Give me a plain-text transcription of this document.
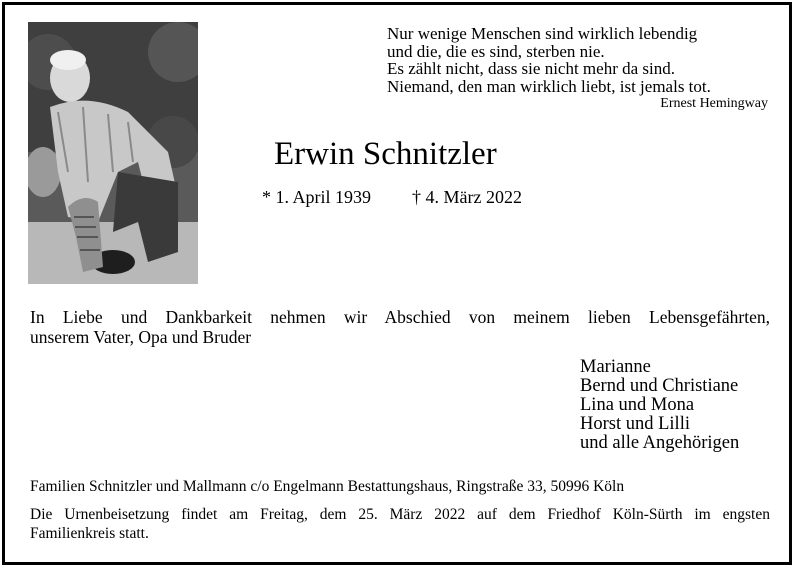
Nur wenige Menschen sind wirklich lebendig
und die, die es sind, sterben nie.
Es zählt nicht, dass sie nicht mehr da sind.
Niemand, den man wirklich liebt, ist jemals tot.
Ernest Hemingway
Erwin Schnitzler
* 1. April 1939 † 4. März 2022
In Liebe und Dankbarkeit nehmen wir Abschied von meinem lieben Lebensgefährten,
unserem Vater, Opa und Bruder
Marianne
Bernd und Christiane
Lina und Mona
Horst und Lilli
und alle Angehörigen
Familien Schnitzler und Mallmann c/o Engelmann Bestattungshaus, Ringstraße 33, 50996 Köln
Die Urnenbeisetzung findet am Freitag, dem 25. März 2022 auf dem Friedhof Köln-Sürth im engsten
Familienkreis statt.
